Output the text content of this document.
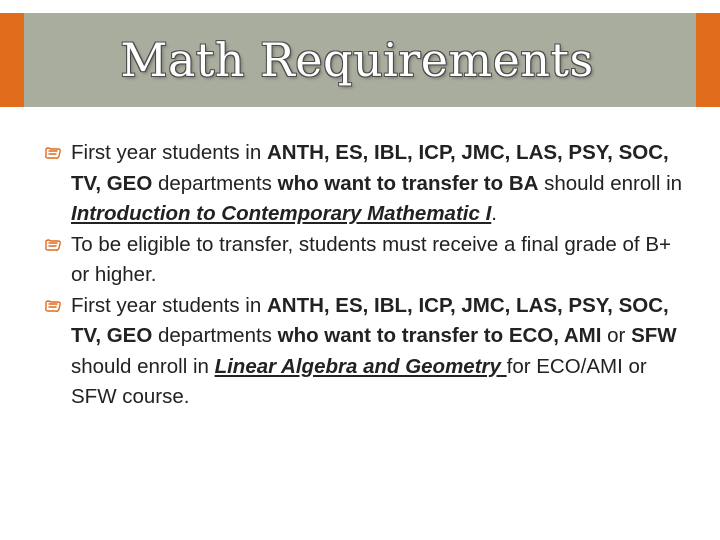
Math Requirements

First year students in ANTH, ES, IBL, ICP, JMC, LAS, PSY, SOC, TV, GEO departments who want to transfer to BA should enroll in Introduction to Contemporary Mathematic I.

To be eligible to transfer, students must receive a final grade of B+ or higher.

First year students in ANTH, ES, IBL, ICP, JMC, LAS, PSY, SOC, TV, GEO departments who want to transfer to ECO, AMI or SFW should enroll in Linear Algebra and Geometry for ECO/AMI or SFW course.
